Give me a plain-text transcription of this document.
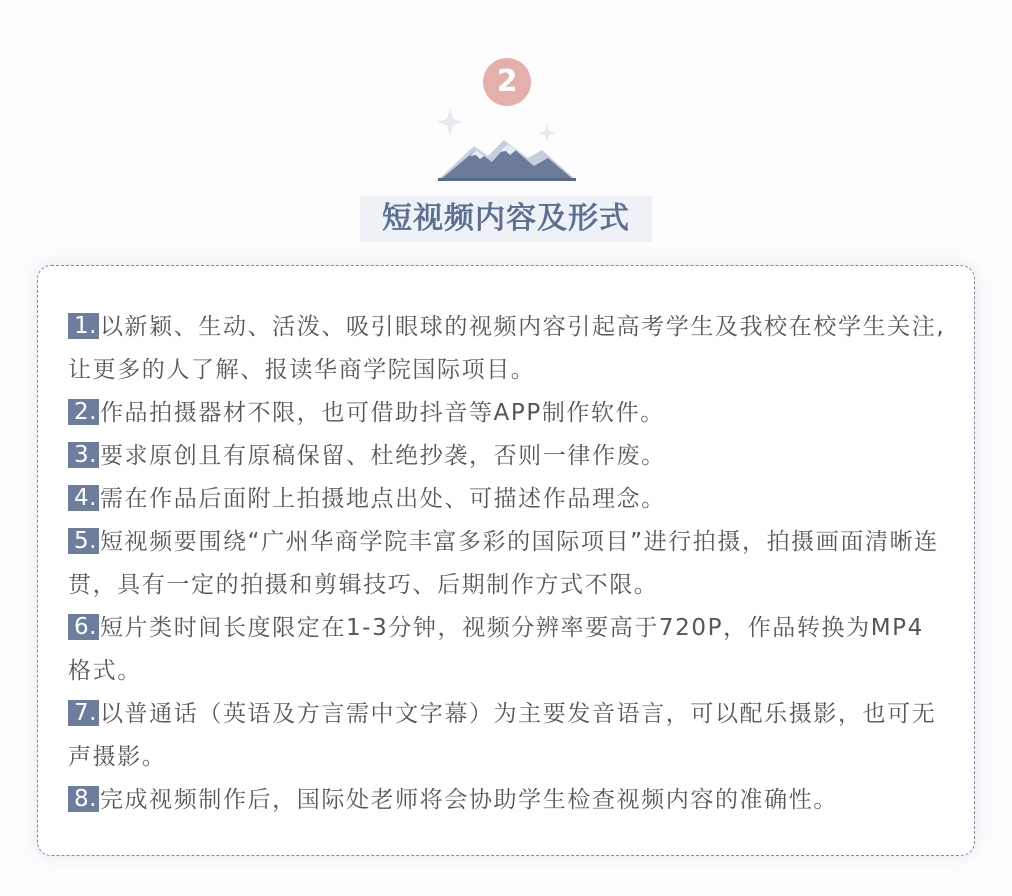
2
短视频内容及形式
1. 以新颖、生动、活泼、吸引眼球的视频内容引起高考学生及我校在校学生关注,让更多的人了解、报读华商学院国际项目。
2. 作品拍摄器材不限，也可借助抖音等APP制作软件。
3. 要求原创且有原稿保留、杜绝抄袭，否则一律作废。
4. 需在作品后面附上拍摄地点出处、可描述作品理念。
5. 短视频要围绕“广州华商学院丰富多彩的国际项目”进行拍摄，拍摄画面清晰连贯，具有一定的拍摄和剪辑技巧、后期制作方式不限。
6. 短片类时间长度限定在1-3分钟，视频分辨率要高于720P，作品转换为MP4格式。
7. 以普通话（英语及方言需中文字幕）为主要发音语言，可以配乐摄影，也可无声摄影。
8. 完成视频制作后，国际处老师将会协助学生检查视频内容的准确性。
